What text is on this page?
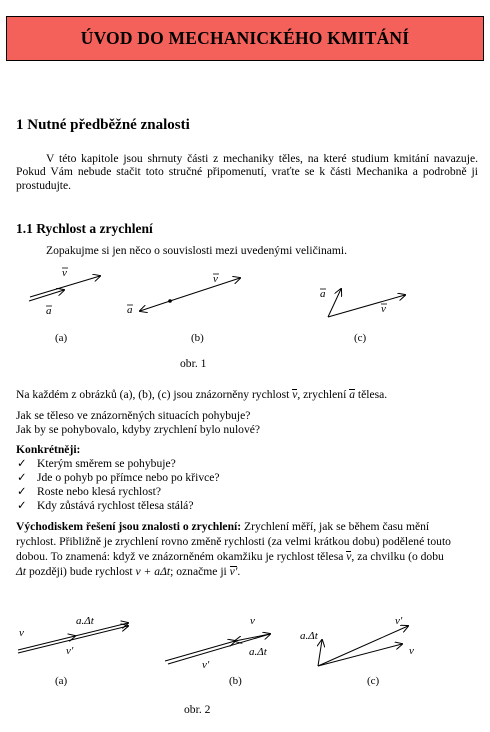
ÚVOD DO MECHANICKÉHO KMITÁNÍ
1 Nutné předběžné znalosti
V této kapitole jsou shrnuty části z mechaniky těles, na které studium kmitání navazuje. Pokud Vám nebude stačit toto stručné připomenutí, vraťte se k části Mechanika a podrobně ji prostudujte.
1.1 Rychlost a zrychlení
Zopakujme si jen něco o souvislosti mezi uvedenými veličinami.
v
a
(a)
v
a
(b)
a
v
(c)
obr. 1
Na každém z obrázků (a), (b), (c) jsou znázorněny rychlost v, zrychlení a tělesa.
Jak se těleso ve znázorněných situacích pohybuje?
Jak by se pohybovalo, kdyby zrychlení bylo nulové?
Konkrétněji:
✓ Kterým směrem se pohybuje?
✓ Jde o pohyb po přímce nebo po křivce?
✓ Roste nebo klesá rychlost?
✓ Kdy zůstává rychlost tělesa stálá?
Východiskem řešení jsou znalosti o zrychlení: Zrychlení měří, jak se během času mění
rychlost. Přibližně je zrychlení rovno změně rychlosti (za velmi krátkou dobu) podělené touto
dobou. To znamená: když ve znázorněném okamžiku je rychlost tělesa v, za chvilku (o dobu
Δt později) bude rychlost v + aΔt; označme ji v′.
v
a.Δt
v′
(a)
v
v′
a.Δt
(b)
a.Δt
v′
v
(c)
obr. 2
